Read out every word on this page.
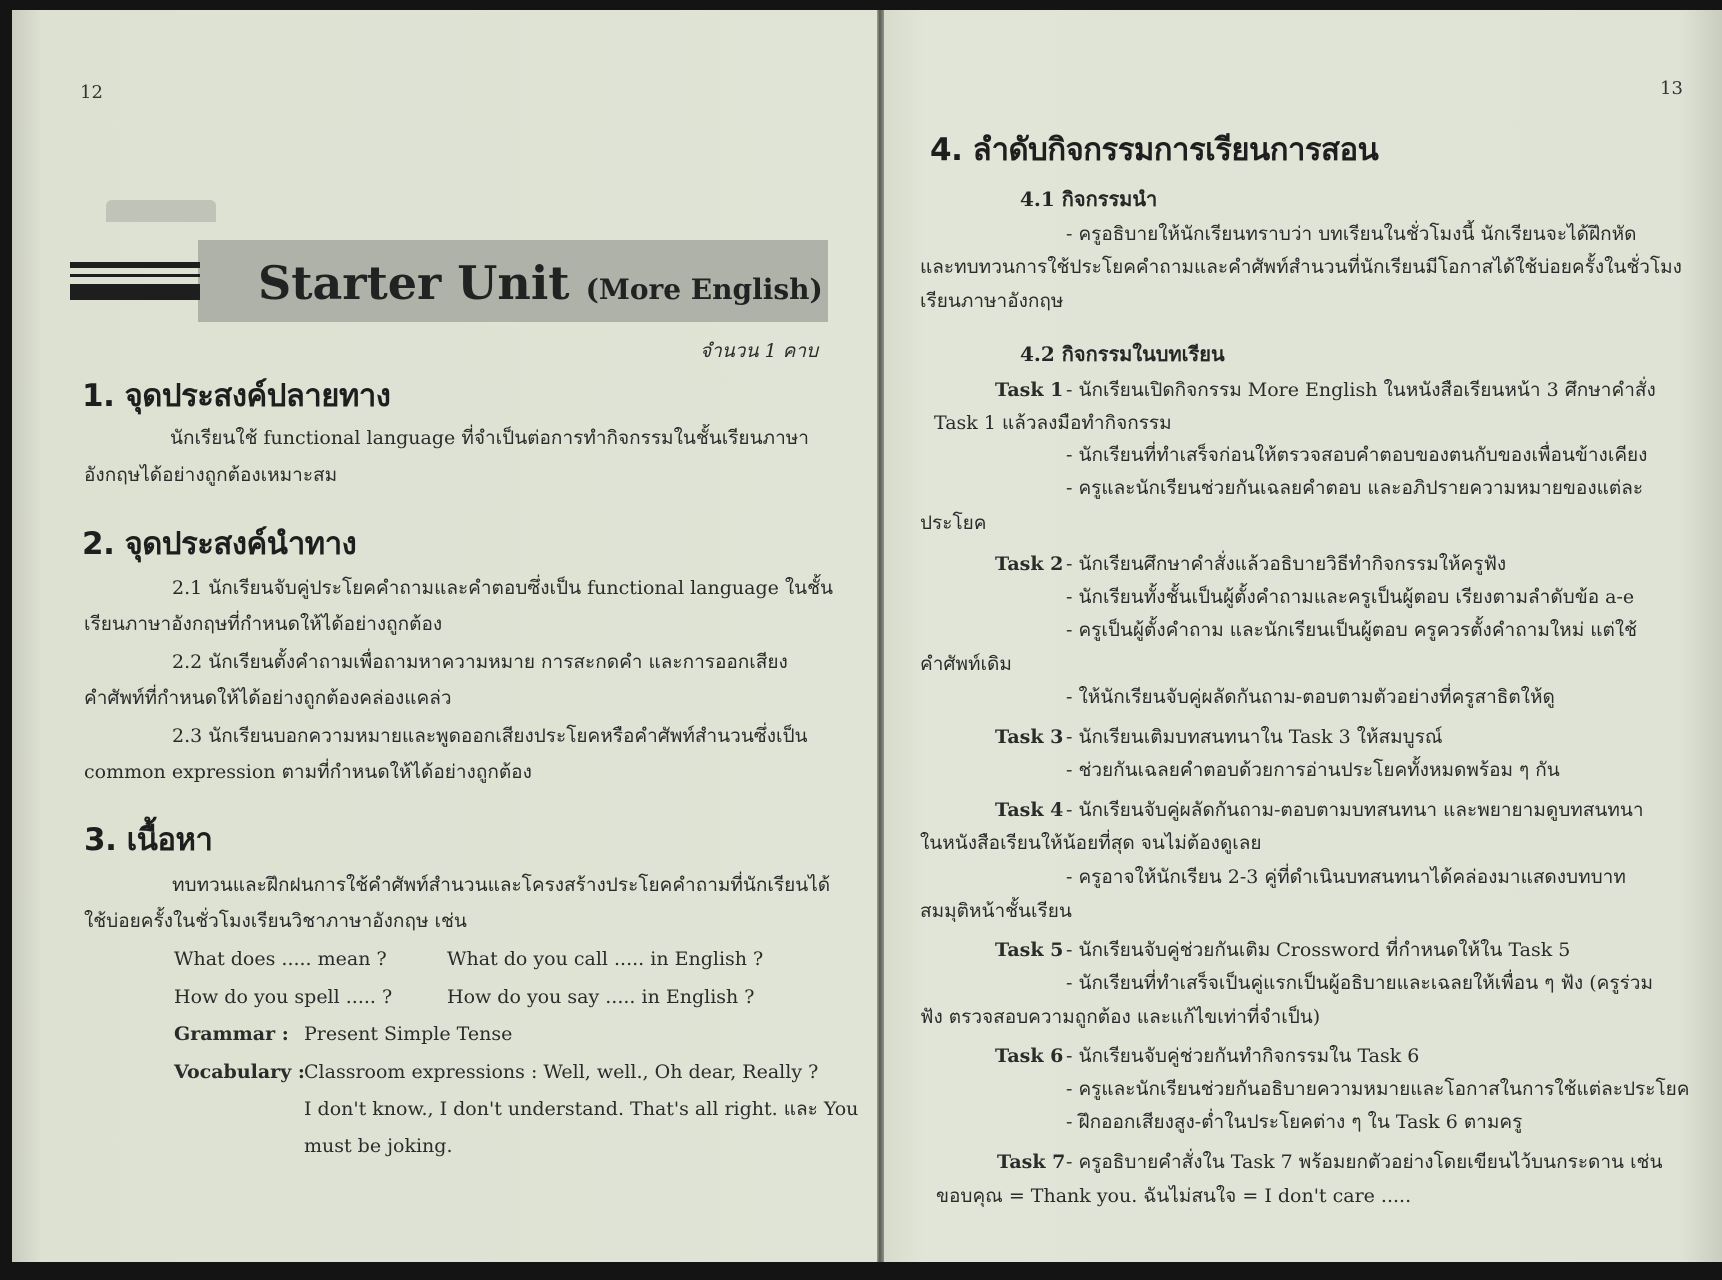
12
Starter Unit (More English)
จำนวน 1 คาบ
1. จุดประสงค์ปลายทาง
นักเรียนใช้ functional language ที่จำเป็นต่อการทำกิจกรรมในชั้นเรียนภาษา
อังกฤษได้อย่างถูกต้องเหมาะสม
2. จุดประสงค์นำทาง
2.1 นักเรียนจับคู่ประโยคคำถามและคำตอบซึ่งเป็น functional language ในชั้น
เรียนภาษาอังกฤษที่กำหนดให้ได้อย่างถูกต้อง
2.2 นักเรียนตั้งคำถามเพื่อถามหาความหมาย การสะกดคำ และการออกเสียง
คำศัพท์ที่กำหนดให้ได้อย่างถูกต้องคล่องแคล่ว
2.3 นักเรียนบอกความหมายและพูดออกเสียงประโยคหรือคำศัพท์สำนวนซึ่งเป็น
common expression ตามที่กำหนดให้ได้อย่างถูกต้อง
3. เนื้อหา
ทบทวนและฝึกฝนการใช้คำศัพท์สำนวนและโครงสร้างประโยคคำถามที่นักเรียนได้
ใช้บ่อยครั้งในชั่วโมงเรียนวิชาภาษาอังกฤษ เช่น
What does ..... mean ?	What do you call ..... in English ?
How do you spell ..... ?	How do you say ..... in English ?
Grammar : Present Simple Tense
Vocabulary : Classroom expressions : Well, well., Oh dear, Really ?
I don't know., I don't understand. That's all right. และ You
must be joking.
13
4. ลำดับกิจกรรมการเรียนการสอน
4.1 กิจกรรมนำ
- ครูอธิบายให้นักเรียนทราบว่า บทเรียนในชั่วโมงนี้ นักเรียนจะได้ฝึกหัด
และทบทวนการใช้ประโยคคำถามและคำศัพท์สำนวนที่นักเรียนมีโอกาสได้ใช้บ่อยครั้งในชั่วโมง
เรียนภาษาอังกฤษ
4.2 กิจกรรมในบทเรียน
Task 1 - นักเรียนเปิดกิจกรรม More English ในหนังสือเรียนหน้า 3 ศึกษาคำสั่ง
Task 1 แล้วลงมือทำกิจกรรม
- นักเรียนที่ทำเสร็จก่อนให้ตรวจสอบคำตอบของตนกับของเพื่อนข้างเคียง
- ครูและนักเรียนช่วยกันเฉลยคำตอบ และอภิปรายความหมายของแต่ละ
ประโยค
Task 2 - นักเรียนศึกษาคำสั่งแล้วอธิบายวิธีทำกิจกรรมให้ครูฟัง
- นักเรียนทั้งชั้นเป็นผู้ตั้งคำถามและครูเป็นผู้ตอบ เรียงตามลำดับข้อ a-e
- ครูเป็นผู้ตั้งคำถาม และนักเรียนเป็นผู้ตอบ ครูควรตั้งคำถามใหม่ แต่ใช้
คำศัพท์เดิม
- ให้นักเรียนจับคู่ผลัดกันถาม-ตอบตามตัวอย่างที่ครูสาธิตให้ดู
Task 3 - นักเรียนเติมบทสนทนาใน Task 3 ให้สมบูรณ์
- ช่วยกันเฉลยคำตอบด้วยการอ่านประโยคทั้งหมดพร้อม ๆ กัน
Task 4 - นักเรียนจับคู่ผลัดกันถาม-ตอบตามบทสนทนา และพยายามดูบทสนทนา
ในหนังสือเรียนให้น้อยที่สุด จนไม่ต้องดูเลย
- ครูอาจให้นักเรียน 2-3 คู่ที่ดำเนินบทสนทนาได้คล่องมาแสดงบทบาท
สมมุติหน้าชั้นเรียน
Task 5 - นักเรียนจับคู่ช่วยกันเติม Crossword ที่กำหนดให้ใน Task 5
- นักเรียนที่ทำเสร็จเป็นคู่แรกเป็นผู้อธิบายและเฉลยให้เพื่อน ๆ ฟัง (ครูร่วม
ฟัง ตรวจสอบความถูกต้อง และแก้ไขเท่าที่จำเป็น)
Task 6 - นักเรียนจับคู่ช่วยกันทำกิจกรรมใน Task 6
- ครูและนักเรียนช่วยกันอธิบายความหมายและโอกาสในการใช้แต่ละประโยค
- ฝึกออกเสียงสูง-ต่ำในประโยคต่าง ๆ ใน Task 6 ตามครู
Task 7 - ครูอธิบายคำสั่งใน Task 7 พร้อมยกตัวอย่างโดยเขียนไว้บนกระดาน เช่น
ขอบคุณ = Thank you. ฉันไม่สนใจ = I don't care .....
